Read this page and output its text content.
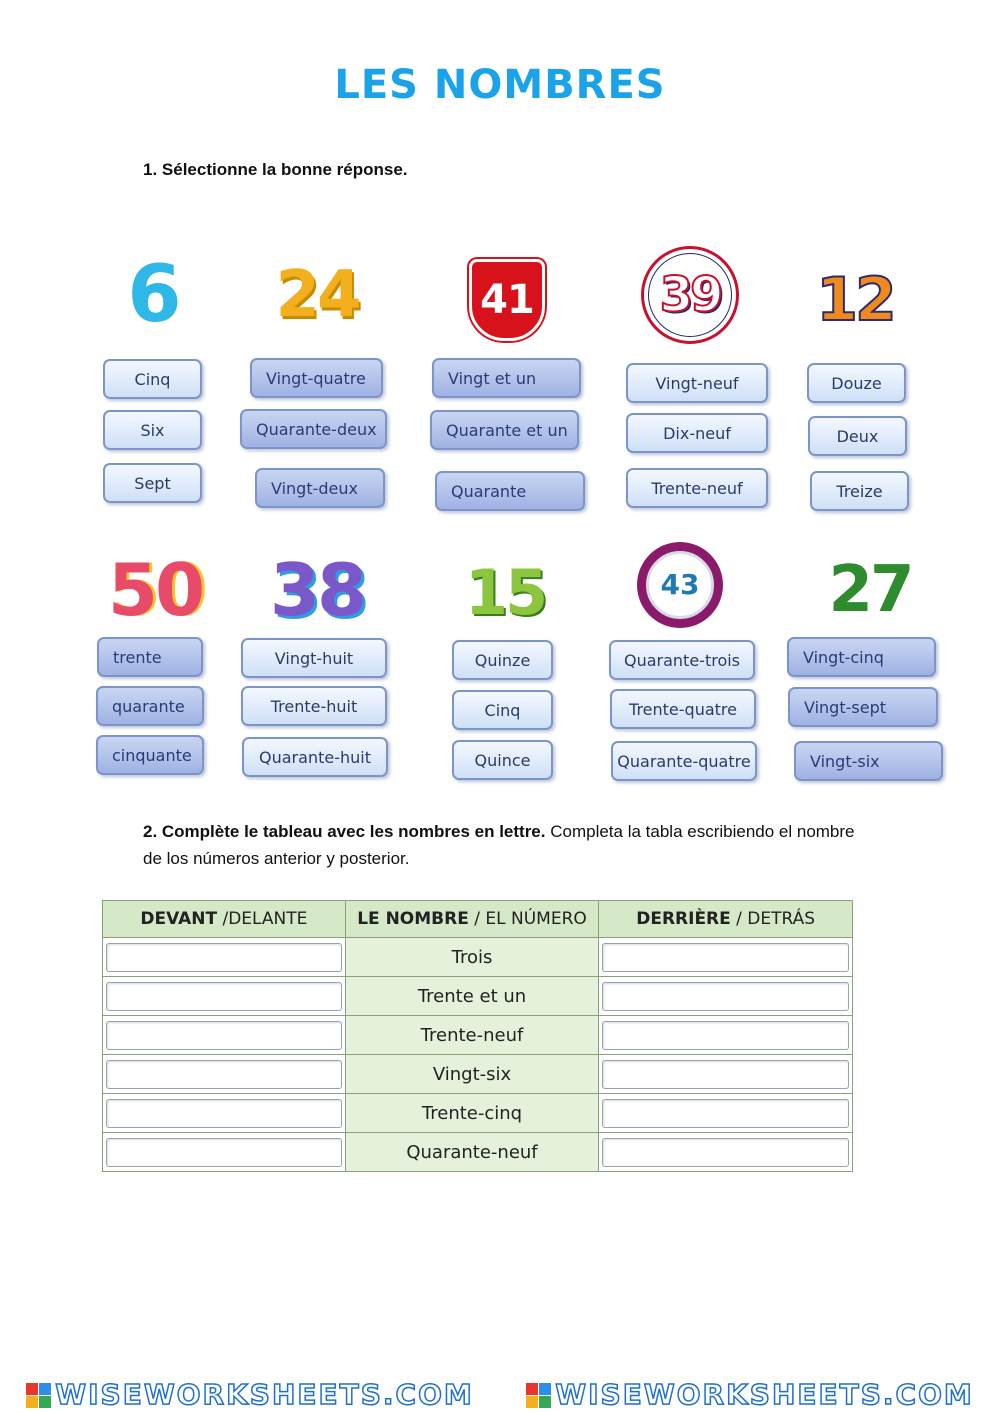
LES NOMBRES
1. Sélectionne la bonne réponse.
6 24	41	39 12
Cinq
Six
Sept
Vingt-quatre
Quarante-deux
Vingt-deux
Vingt et un
Quarante et un
Quarante
Vingt-neuf
Dix-neuf
Trente-neuf
Douze
Deux
Treize
50 38 15	43 27
trente
quarante
cinquante
Vingt-huit
Trente-huit
Quarante-huit
Quinze
Cinq
Quince
Quarante-trois
Trente-quatre
Quarante-quatre
Vingt-cinq
Vingt-sept
Vingt-six
2. Complète le tableau avec les nombres en lettre. Completa la tabla escribiendo el nombre de los números anterior y posterior.
DEVANT /DELANTE	LE NOMBRE / EL NÚMERO	DERRIÈRE / DETRÁS
	Trois	
	Trente et un	
	Trente-neuf	
	Vingt-six	
	Trente-cinq	
	Quarante-neuf	
WISEWORKSHEETS.COM	WISEWORKSHEETS.COM
